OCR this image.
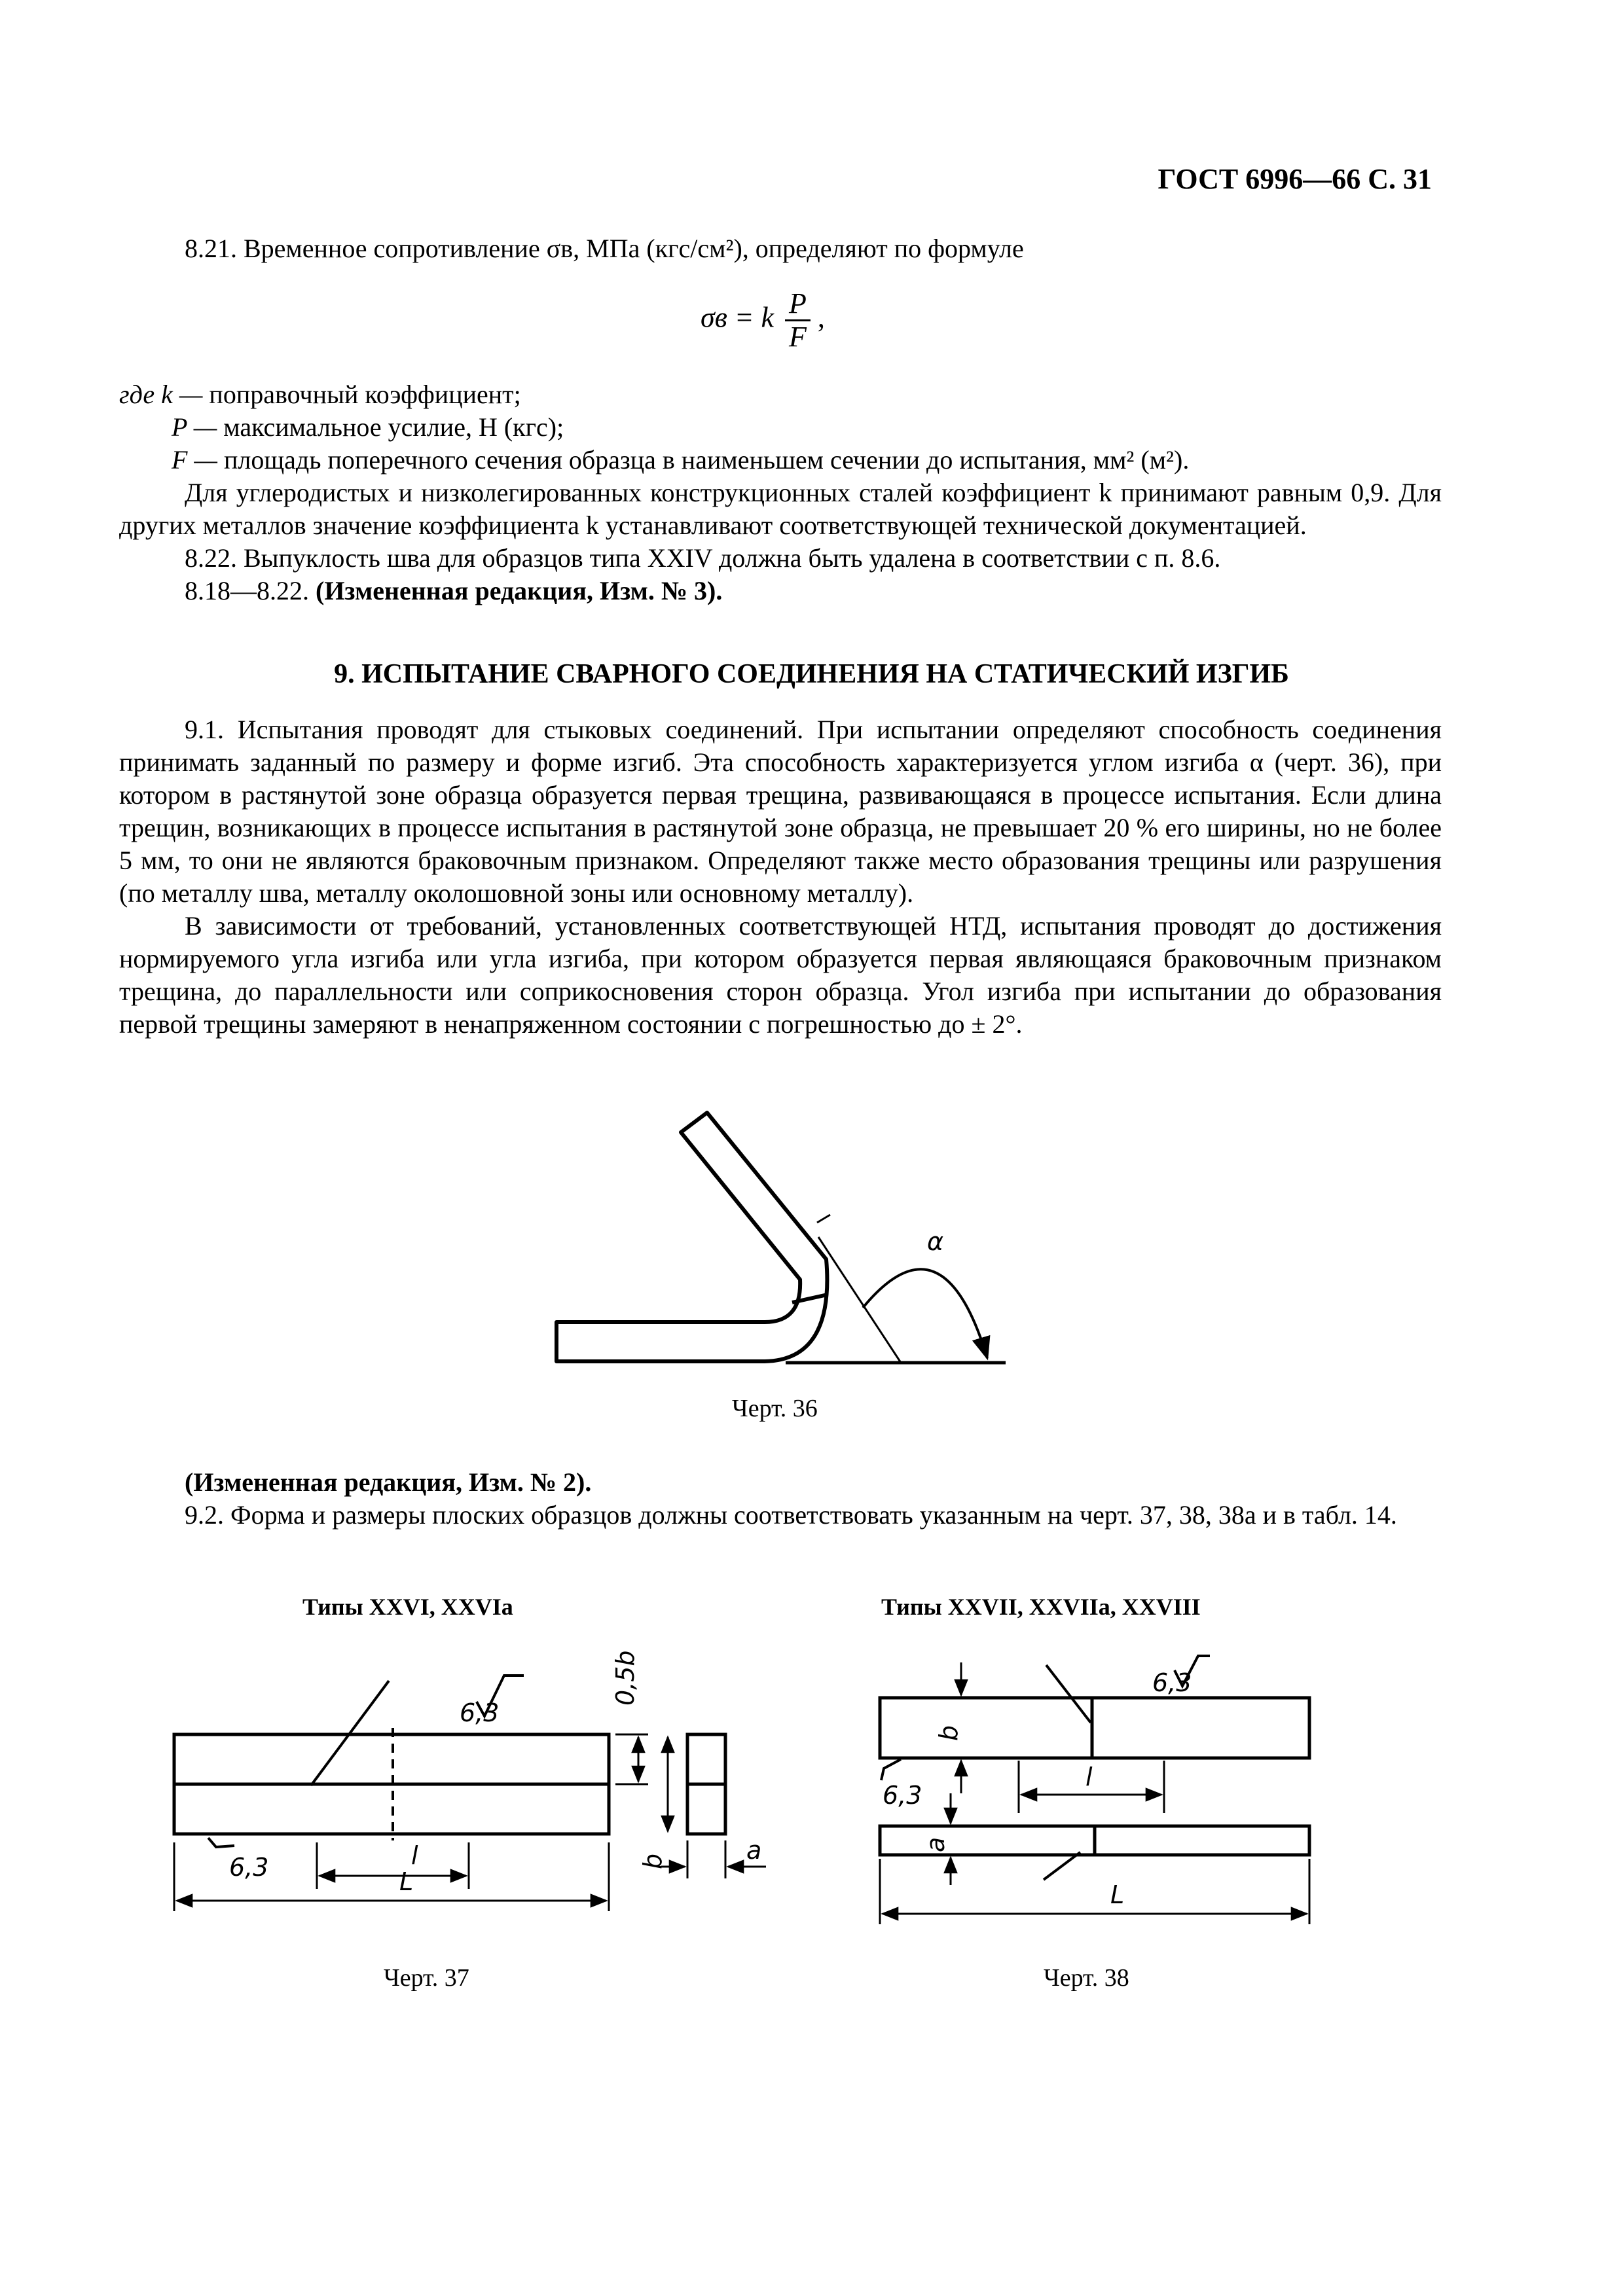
ГОСТ 6996—66 С. 31

8.21. Временное сопротивление σв, МПа (кгс/см²), определяют по формуле

σв = k $\frac{P}{F}$ ,
где k — поправочный коэффициент;
P — максимальное усилие, Н (кгс);
F — площадь поперечного сечения образца в наименьшем сечении до испытания, мм² (м²).

Для углеродистых и низколегированных конструкционных сталей коэффициент k принимают равным 0,9. Для других металлов значение коэффициента k устанавливают соответствующей технической документацией.

8.22. Выпуклость шва для образцов типа XXIV должна быть удалена в соответствии с п. 8.6.

8.18—8.22. (Измененная редакция, Изм. № 3).

9. ИСПЫТАНИЕ СВАРНОГО СОЕДИНЕНИЯ НА СТАТИЧЕСКИЙ ИЗГИБ

9.1. Испытания проводят для стыковых соединений. При испытании определяют способность соединения принимать заданный по размеру и форме изгиб. Эта способность характеризуется углом изгиба α (черт. 36), при котором в растянутой зоне образца образуется первая трещина, развивающаяся в процессе испытания. Если длина трещин, возникающих в процессе испытания в растянутой зоне образца, не превышает 20 % его ширины, но не более 5 мм, то они не являются браковочным признаком. Определяют также место образования трещины или разрушения (по металлу шва, металлу околошовной зоны или основному металлу).

В зависимости от требований, установленных соответствующей НТД, испытания проводят до достижения нормируемого угла изгиба или угла изгиба, при котором образуется первая являющаяся браковочным признаком трещина, до параллельности или соприкосновения сторон образца. Угол изгиба при испытании до образования первой трещины замеряют в ненапряженном состоянии с погрешностью до ± 2°.

Черт. 36

(Измененная редакция, Изм. № 2).

9.2. Форма и размеры плоских образцов должны соответствовать указанным на черт. 37, 38, 38а и в табл. 14.

Типы XXVI, XXVIa	Типы XXVII, XXVIIa, XXVIII
Черт. 37	Черт. 38
α
6,3
6,3	l
L
0,5b
b	a
6,3
6,3
b
l
a
L
